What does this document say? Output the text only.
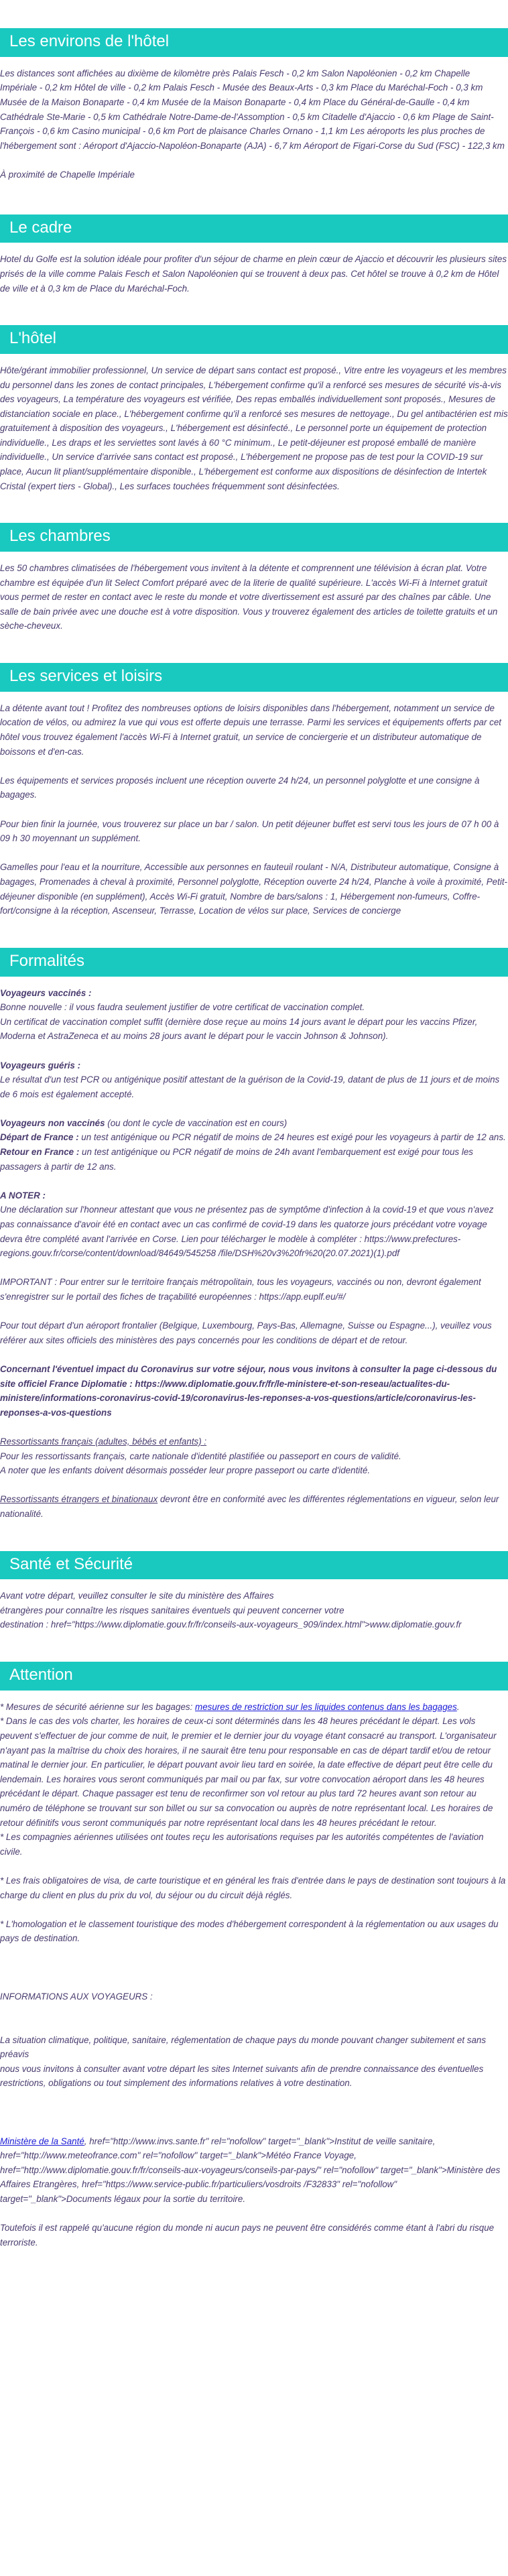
Les environs de l'hôtel

Les distances sont affichées au dixième de kilomètre près Palais Fesch - 0,2 km Salon Napoléonien - 0,2 km Chapelle Impériale - 0,2 km Hôtel de ville - 0,2 km Palais Fesch - Musée des Beaux-Arts - 0,3 km Place du Maréchal-Foch - 0,3 km Musée de la Maison Bonaparte - 0,4 km Musée de la Maison Bonaparte - 0,4 km Place du Général-de-Gaulle - 0,4 km Cathédrale Ste-Marie - 0,5 km Cathédrale Notre-Dame-de-l'Assomption - 0,5 km Citadelle d'Ajaccio - 0,6 km Plage de Saint-François - 0,6 km Casino municipal - 0,6 km Port de plaisance Charles Ornano - 1,1 km Les aéroports les plus proches de l'hébergement sont : Aéroport d'Ajaccio-Napoléon-Bonaparte (AJA) - 6,7 km Aéroport de Figari-Corse du Sud (FSC) - 122,3 km

À proximité de Chapelle Impériale

Le cadre

Hotel du Golfe est la solution idéale pour profiter d'un séjour de charme en plein cœur de Ajaccio et découvrir les plusieurs sites prisés de la ville comme Palais Fesch et Salon Napoléonien qui se trouvent à deux pas. Cet hôtel se trouve à 0,2 km de Hôtel de ville et à 0,3 km de Place du Maréchal-Foch.

L'hôtel

Hôte/gérant immobilier professionnel, Un service de départ sans contact est proposé., Vitre entre les voyageurs et les membres du personnel dans les zones de contact principales, L'hébergement confirme qu'il a renforcé ses mesures de sécurité vis-à-vis des voyageurs, La température des voyageurs est vérifiée, Des repas emballés individuellement sont proposés., Mesures de distanciation sociale en place., L'hébergement confirme qu'il a renforcé ses mesures de nettoyage., Du gel antibactérien est mis gratuitement à disposition des voyageurs., L'hébergement est désinfecté., Le personnel porte un équipement de protection individuelle., Les draps et les serviettes sont lavés à 60 °C minimum., Le petit-déjeuner est proposé emballé de manière individuelle., Un service d'arrivée sans contact est proposé., L'hébergement ne propose pas de test pour la COVID-19 sur place, Aucun lit pliant/supplémentaire disponible., L'hébergement est conforme aux dispositions de désinfection de Intertek Cristal (expert tiers - Global)., Les surfaces touchées fréquemment sont désinfectées.

Les chambres

Les 50 chambres climatisées de l'hébergement vous invitent à la détente et comprennent une télévision à écran plat. Votre chambre est équipée d'un lit Select Comfort préparé avec de la literie de qualité supérieure. L'accès Wi-Fi à Internet gratuit vous permet de rester en contact avec le reste du monde et votre divertissement est assuré par des chaînes par câble. Une salle de bain privée avec une douche est à votre disposition. Vous y trouverez également des articles de toilette gratuits et un sèche-cheveux.

Les services et loisirs

La détente avant tout ! Profitez des nombreuses options de loisirs disponibles dans l'hébergement, notamment un service de location de vélos, ou admirez la vue qui vous est offerte depuis une terrasse. Parmi les services et équipements offerts par cet hôtel vous trouvez également l'accès Wi-Fi à Internet gratuit, un service de conciergerie et un distributeur automatique de boissons et d'en-cas.

Les équipements et services proposés incluent une réception ouverte 24 h/24, un personnel polyglotte et une consigne à bagages.

Pour bien finir la journée, vous trouverez sur place un bar / salon. Un petit déjeuner buffet est servi tous les jours de 07 h 00 à 09 h 30 moyennant un supplément.

Gamelles pour l'eau et la nourriture, Accessible aux personnes en fauteuil roulant - N/A, Distributeur automatique, Consigne à bagages, Promenades à cheval à proximité, Personnel polyglotte, Réception ouverte 24 h/24, Planche à voile à proximité, Petit-déjeuner disponible (en supplément), Accès Wi-Fi gratuit, Nombre de bars/salons : 1, Hébergement non-fumeurs, Coffre-fort/consigne à la réception, Ascenseur, Terrasse, Location de vélos sur place, Services de concierge

Formalités

Voyageurs vaccinés :

Bonne nouvelle : il vous faudra seulement justifier de votre certificat de vaccination complet.

Un certificat de vaccination complet suffit (dernière dose reçue au moins 14 jours avant le départ pour les vaccins Pfizer, Moderna et AstraZeneca et au moins 28 jours avant le départ pour le vaccin Johnson & Johnson).

Voyageurs guéris :

Le résultat d'un test PCR ou antigénique positif attestant de la guérison de la Covid-19, datant de plus de 11 jours et de moins de 6 mois est également accepté.

Voyageurs non vaccinés (ou dont le cycle de vaccination est en cours)

Départ de France : un test antigénique ou PCR négatif de moins de 24 heures est exigé pour les voyageurs à partir de 12 ans.

Retour en France : un test antigénique ou PCR négatif de moins de 24h avant l'embarquement est exigé pour tous les passagers à partir de 12 ans.

A NOTER :

Une déclaration sur l'honneur attestant que vous ne présentez pas de symptôme d'infection à la covid-19 et que vous n'avez pas connaissance d'avoir été en contact avec un cas confirmé de covid-19 dans les quatorze jours précédant votre voyage devra être complété avant l'arrivée en Corse. Lien pour télécharger le modèle à compléter : https://www.prefectures-regions.gouv.fr/corse/content/download/84649/545258 /file/DSH%20v3%20fr%20(20.07.2021)(1).pdf

IMPORTANT : Pour entrer sur le territoire français métropolitain, tous les voyageurs, vaccinés ou non, devront également s'enregistrer sur le portail des fiches de traçabilité européennes : https://app.euplf.eu/#/

Pour tout départ d'un aéroport frontalier (Belgique, Luxembourg, Pays-Bas, Allemagne, Suisse ou Espagne...), veuillez vous référer aux sites officiels des ministères des pays concernés pour les conditions de départ et de retour.

Concernant l'éventuel impact du Coronavirus sur votre séjour, nous vous invitons à consulter la page ci-dessous du site officiel France Diplomatie : https://www.diplomatie.gouv.fr/fr/le-ministere-et-son-reseau/actualites-du-ministere/informations-coronavirus-covid-19/coronavirus-les-reponses-a-vos-questions/article/coronavirus-les-reponses-a-vos-questions

Ressortissants français (adultes, bébés et enfants) :

Pour les ressortissants français, carte nationale d'identité plastifiée ou passeport en cours de validité.

A noter que les enfants doivent désormais posséder leur propre passeport ou carte d'identité.

Ressortissants étrangers et binationaux devront être en conformité avec les différentes réglementations en vigueur, selon leur nationalité.

Santé et Sécurité

Avant votre départ, veuillez consulter le site du ministère des Affaires

étrangères pour connaître les risques sanitaires éventuels qui peuvent concerner votre

destination : href="https://www.diplomatie.gouv.fr/fr/conseils-aux-voyageurs_909/index.html">www.diplomatie.gouv.fr

Attention

* Mesures de sécurité aérienne sur les bagages: mesures de restriction sur les liquides contenus dans les bagages.

* Dans le cas des vols charter, les horaires de ceux-ci sont déterminés dans les 48 heures précédant le départ. Les vols peuvent s'effectuer de jour comme de nuit, le premier et le dernier jour du voyage étant consacré au transport. L'organisateur n'ayant pas la maîtrise du choix des horaires, il ne saurait être tenu pour responsable en cas de départ tardif et/ou de retour matinal le dernier jour. En particulier, le départ pouvant avoir lieu tard en soirée, la date effective de départ peut être celle du lendemain. Les horaires vous seront communiqués par mail ou par fax, sur votre convocation aéroport dans les 48 heures précédant le départ. Chaque passager est tenu de reconfirmer son vol retour au plus tard 72 heures avant son retour au numéro de téléphone se trouvant sur son billet ou sur sa convocation ou auprès de notre représentant local. Les horaires de retour définitifs vous seront communiqués par notre représentant local dans les 48 heures précédant le retour.

* Les compagnies aériennes utilisées ont toutes reçu les autorisations requises par les autorités compétentes de l'aviation civile.

* Les frais obligatoires de visa, de carte touristique et en général les frais d'entrée dans le pays de destination sont toujours à la charge du client en plus du prix du vol, du séjour ou du circuit déjà réglés.

* L'homologation et le classement touristique des modes d'hébergement correspondent à la réglementation ou aux usages du pays de destination.

INFORMATIONS AUX VOYAGEURS :

La situation climatique, politique, sanitaire, réglementation de chaque pays du monde pouvant changer subitement et sans préavis

nous vous invitons à consulter avant votre départ les sites Internet suivants afin de prendre connaissance des éventuelles restrictions, obligations ou tout simplement des informations relatives à votre destination.

Ministère de la Santé, href="http://www.invs.sante.fr" rel="nofollow" target="_blank">Institut de veille sanitaire, href="http://www.meteofrance.com" rel="nofollow" target="_blank">Météo France Voyage, href="http://www.diplomatie.gouv.fr/fr/conseils-aux-voyageurs/conseils-par-pays/" rel="nofollow" target="_blank">Ministère des Affaires Etrangères, href="https://www.service-public.fr/particuliers/vosdroits /F32833" rel="nofollow" target="_blank">Documents légaux pour la sortie du territoire.

Toutefois il est rappelé qu'aucune région du monde ni aucun pays ne peuvent être considérés comme étant à l'abri du risque terroriste.
